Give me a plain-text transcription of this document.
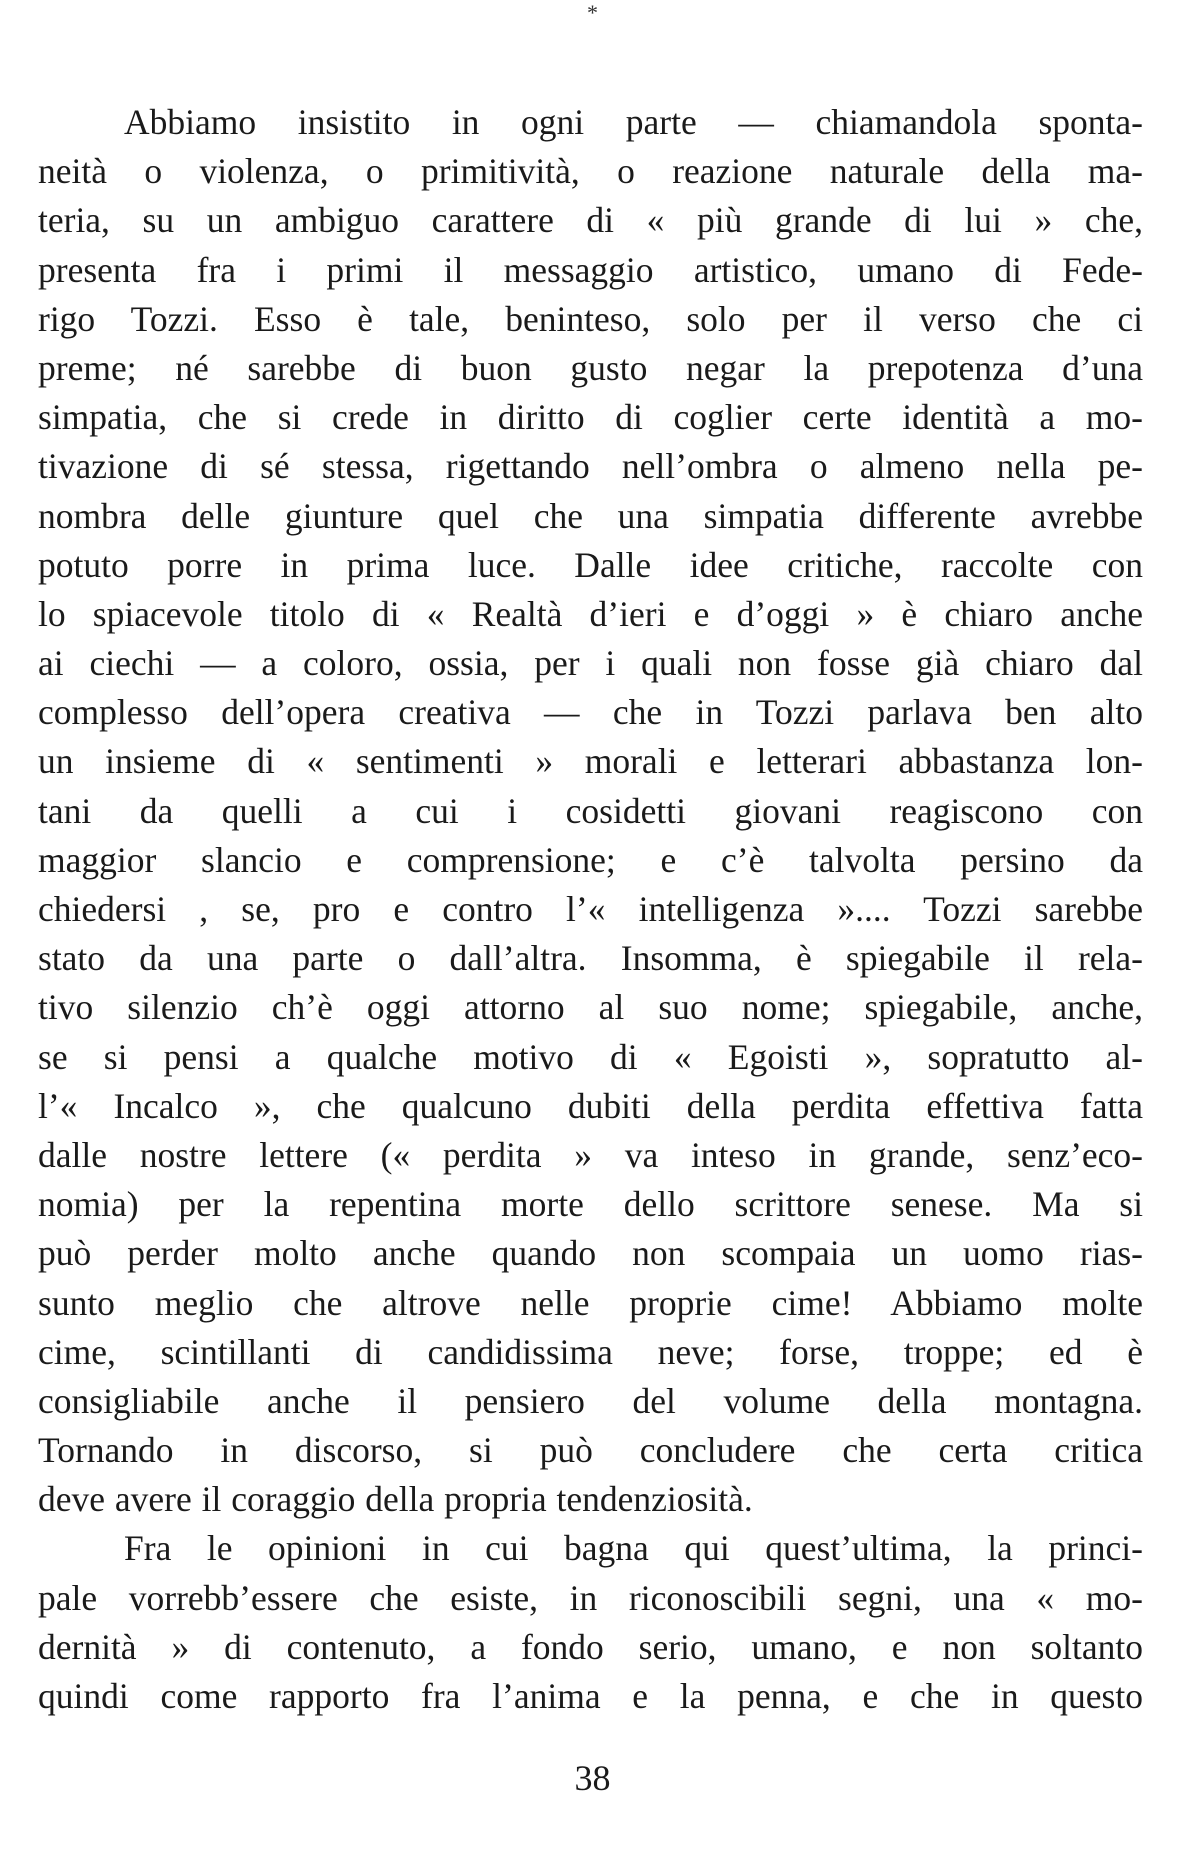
*
Abbiamo insistito in ogni parte — chiamandola sponta-
neità o violenza, o primitività, o reazione naturale della ma-
teria, su un ambiguo carattere di « più grande di lui » che,
presenta fra i primi il messaggio artistico, umano di Fede-
rigo Tozzi. Esso è tale, beninteso, solo per il verso che ci
preme; né sarebbe di buon gusto negar la prepotenza d’una
simpatia, che si crede in diritto di coglier certe identità a mo-
tivazione di sé stessa, rigettando nell’ombra o almeno nella pe-
nombra delle giunture quel che una simpatia differente avrebbe
potuto porre in prima luce. Dalle idee critiche, raccolte con
lo spiacevole titolo di « Realtà d’ieri e d’oggi » è chiaro anche
ai ciechi — a coloro, ossia, per i quali non fosse già chiaro dal
complesso dell’opera creativa — che in Tozzi parlava ben alto
un insieme di « sentimenti » morali e letterari abbastanza lon-
tani da quelli a cui i cosidetti giovani reagiscono con
maggior slancio e comprensione; e c’è talvolta persino da
chiedersi , se, pro e contro l’« intelligenza ».... Tozzi sarebbe
stato da una parte o dall’altra. Insomma, è spiegabile il rela-
tivo silenzio ch’è oggi attorno al suo nome; spiegabile, anche,
se si pensi a qualche motivo di « Egoisti », sopratutto al-
l’« Incalco », che qualcuno dubiti della perdita effettiva fatta
dalle nostre lettere (« perdita » va inteso in grande, senz’eco-
nomia) per la repentina morte dello scrittore senese. Ma si
può perder molto anche quando non scompaia un uomo rias-
sunto meglio che altrove nelle proprie cime! Abbiamo molte
cime, scintillanti di candidissima neve; forse, troppe; ed è
consigliabile anche il pensiero del volume della montagna.
Tornando in discorso, si può concludere che certa critica
deve avere il coraggio della propria tendenziosità.
Fra le opinioni in cui bagna qui quest’ultima, la princi-
pale vorrebb’essere che esiste, in riconoscibili segni, una « mo-
dernità » di contenuto, a fondo serio, umano, e non soltanto
quindi come rapporto fra l’anima e la penna, e che in questo
38
